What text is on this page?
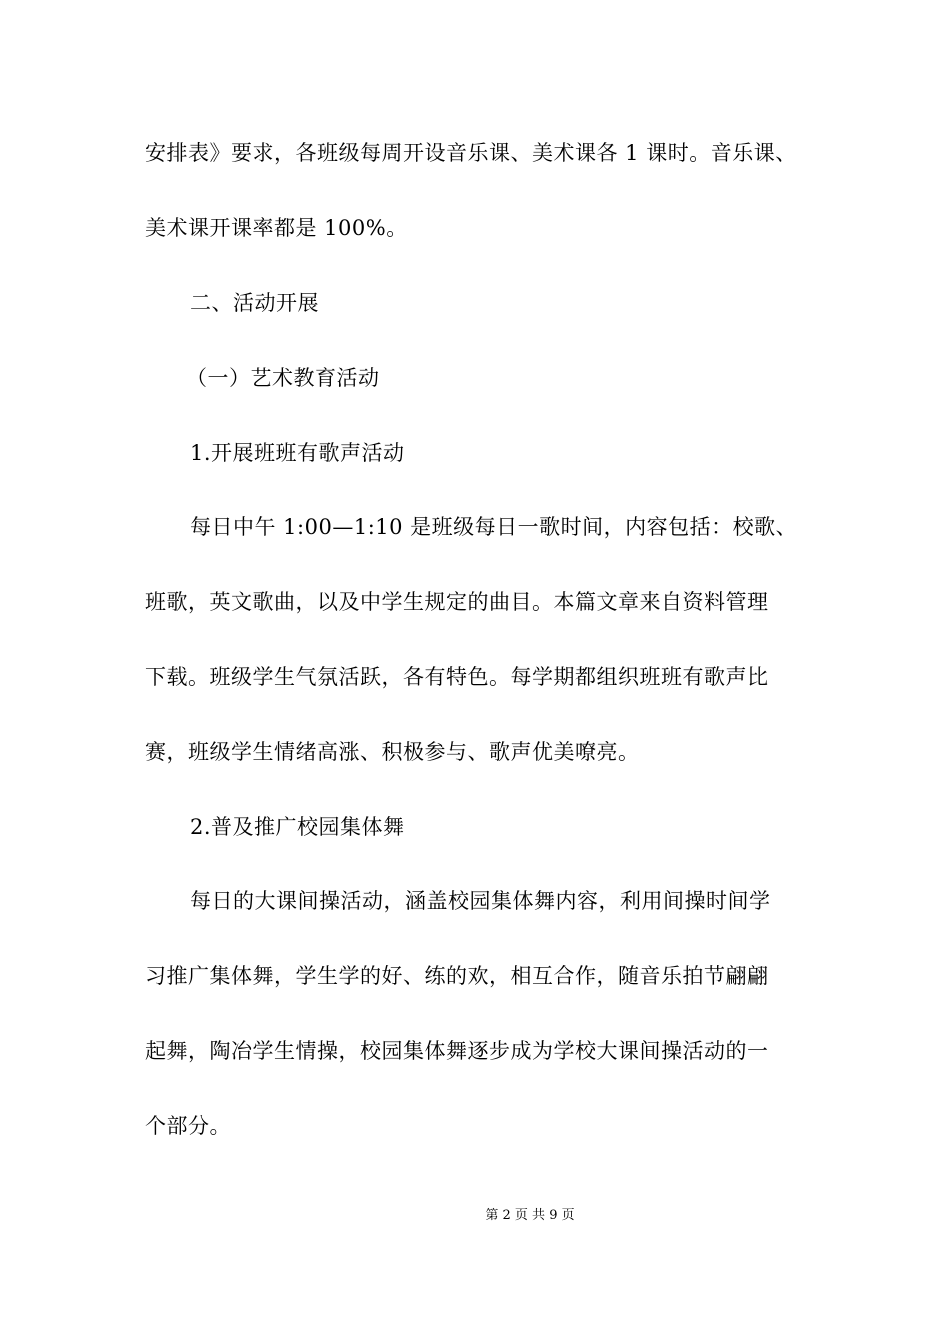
安排表》要求，各班级每周开设音乐课、美术课各 1 课时。音乐课、
美术课开课率都是 100%。
二、活动开展
（一）艺术教育活动
1.开展班班有歌声活动
每日中午 1:00—1:10 是班级每日一歌时间，内容包括：校歌、
班歌，英文歌曲，以及中学生规定的曲目。本篇文章来自资料管理
下载。班级学生气氛活跃，各有特色。每学期都组织班班有歌声比
赛，班级学生情绪高涨、积极参与、歌声优美嘹亮。
2.普及推广校园集体舞
每日的大课间操活动，涵盖校园集体舞内容，利用间操时间学
习推广集体舞，学生学的好、练的欢，相互合作，随音乐拍节翩翩
起舞，陶冶学生情操，校园集体舞逐步成为学校大课间操活动的一
个部分。
第 2 页 共 9 页
